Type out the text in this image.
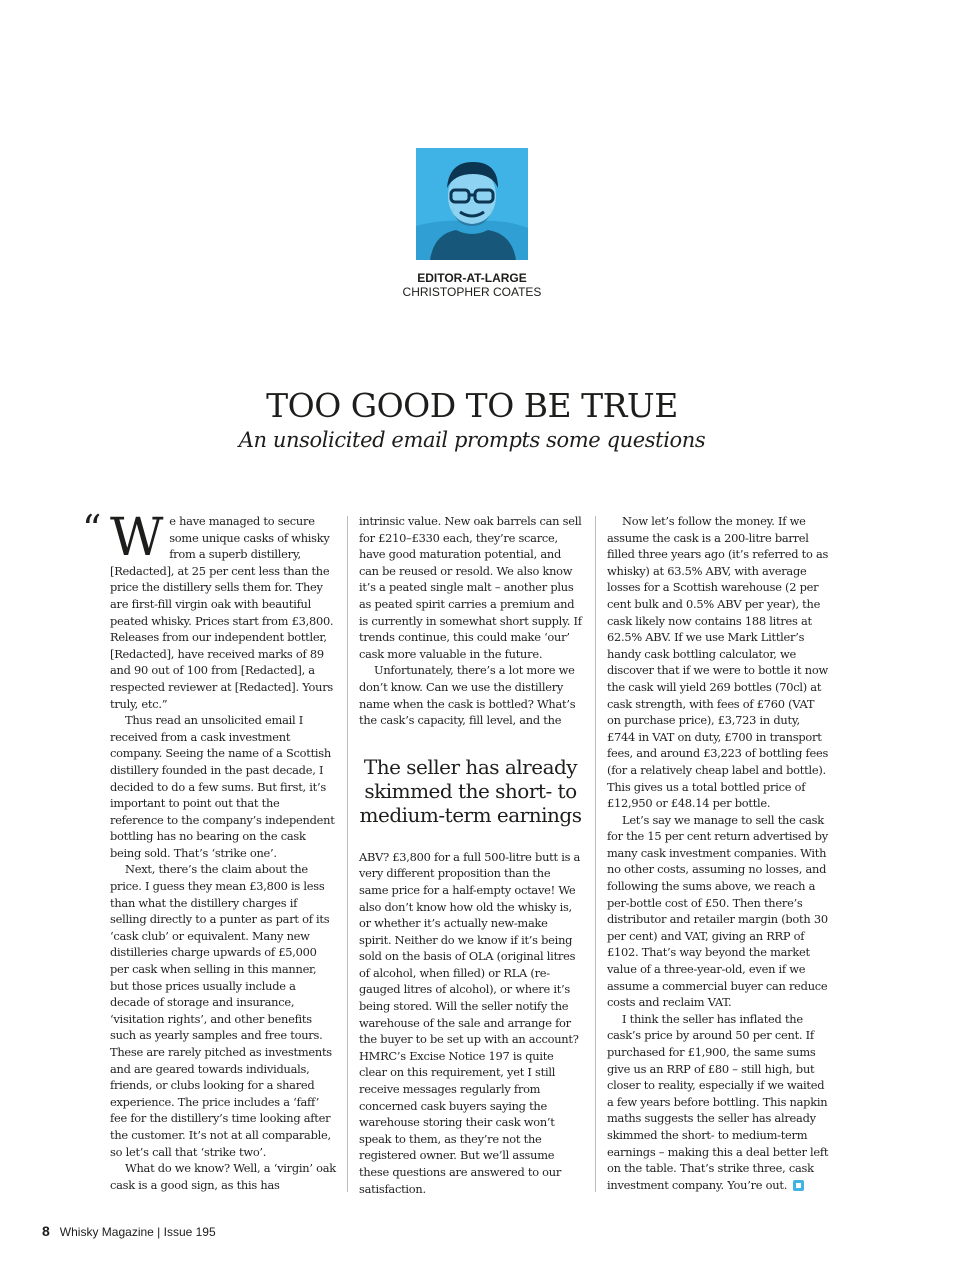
EDITOR-AT-LARGE
CHRISTOPHER COATES
TOO GOOD TO BE TRUE

An unsolicited email prompts some questions

“ We have managed to secure some unique casks of whisky from a superb distillery, [Redacted], at 25 per cent less than the price the distillery sells them for. They are first-fill virgin oak with beautiful peated whisky. Prices start from £3,800. Releases from our independent bottler, [Redacted], have received marks of 89 and 90 out of 100 from [Redacted], a respected reviewer at [Redacted]. Yours truly, etc.”

Thus read an unsolicited email I received from a cask investment company. Seeing the name of a Scottish distillery founded in the past decade, I decided to do a few sums. But first, it’s important to point out that the reference to the company’s independent bottling has no bearing on the cask being sold. That’s ‘strike one’.

Next, there’s the claim about the price. I guess they mean £3,800 is less than what the distillery charges if selling directly to a punter as part of its ‘cask club’ or equivalent. Many new distilleries charge upwards of £5,000 per cask when selling in this manner, but those prices usually include a decade of storage and insurance, ‘visitation rights’, and other benefits such as yearly samples and free tours. These are rarely pitched as investments and are geared towards individuals, friends, or clubs looking for a shared experience. The price includes a ‘faff’ fee for the distillery’s time looking after the customer. It’s not at all comparable, so let’s call that ‘strike two’.

What do we know? Well, a ‘virgin’ oak cask is a good sign, as this has

intrinsic value. New oak barrels can sell for £210–£330 each, they’re scarce, have good maturation potential, and can be reused or resold. We also know it’s a peated single malt – another plus as peated spirit carries a premium and is currently in somewhat short supply. If trends continue, this could make ‘our’ cask more valuable in the future.

Unfortunately, there’s a lot more we don’t know. Can we use the distillery name when the cask is bottled? What’s the cask’s capacity, fill level, and the

The seller has already skimmed the short- to medium-term earnings

ABV? £3,800 for a full 500-litre butt is a very different proposition than the same price for a half-empty octave! We also don’t know how old the whisky is, or whether it’s actually new-make spirit. Neither do we know if it’s being sold on the basis of OLA (original litres of alcohol, when filled) or RLA (re-gauged litres of alcohol), or where it’s being stored. Will the seller notify the warehouse of the sale and arrange for the buyer to be set up with an account? HMRC’s Excise Notice 197 is quite clear on this requirement, yet I still receive messages regularly from concerned cask buyers saying the warehouse storing their cask won’t speak to them, as they’re not the registered owner. But we’ll assume these questions are answered to our satisfaction.

Now let’s follow the money. If we assume the cask is a 200-litre barrel filled three years ago (it’s referred to as whisky) at 63.5% ABV, with average losses for a Scottish warehouse (2 per cent bulk and 0.5% ABV per year), the cask likely now contains 188 litres at 62.5% ABV. If we use Mark Littler’s handy cask bottling calculator, we discover that if we were to bottle it now the cask will yield 269 bottles (70cl) at cask strength, with fees of £760 (VAT on purchase price), £3,723 in duty, £744 in VAT on duty, £700 in transport fees, and around £3,223 of bottling fees (for a relatively cheap label and bottle). This gives us a total bottled price of £12,950 or £48.14 per bottle.

Let’s say we manage to sell the cask for the 15 per cent return advertised by many cask investment companies. With no other costs, assuming no losses, and following the sums above, we reach a per-bottle cost of £50. Then there’s distributor and retailer margin (both 30 per cent) and VAT, giving an RRP of £102. That’s way beyond the market value of a three-year-old, even if we assume a commercial buyer can reduce costs and reclaim VAT.

I think the seller has inflated the cask’s price by around 50 per cent. If purchased for £1,900, the same sums give us an RRP of £80 – still high, but closer to reality, especially if we waited a few years before bottling. This napkin maths suggests the seller has already skimmed the short- to medium-term earnings – making this a deal better left on the table. That’s strike three, cask investment company. You’re out.

8 Whisky Magazine | Issue 195
